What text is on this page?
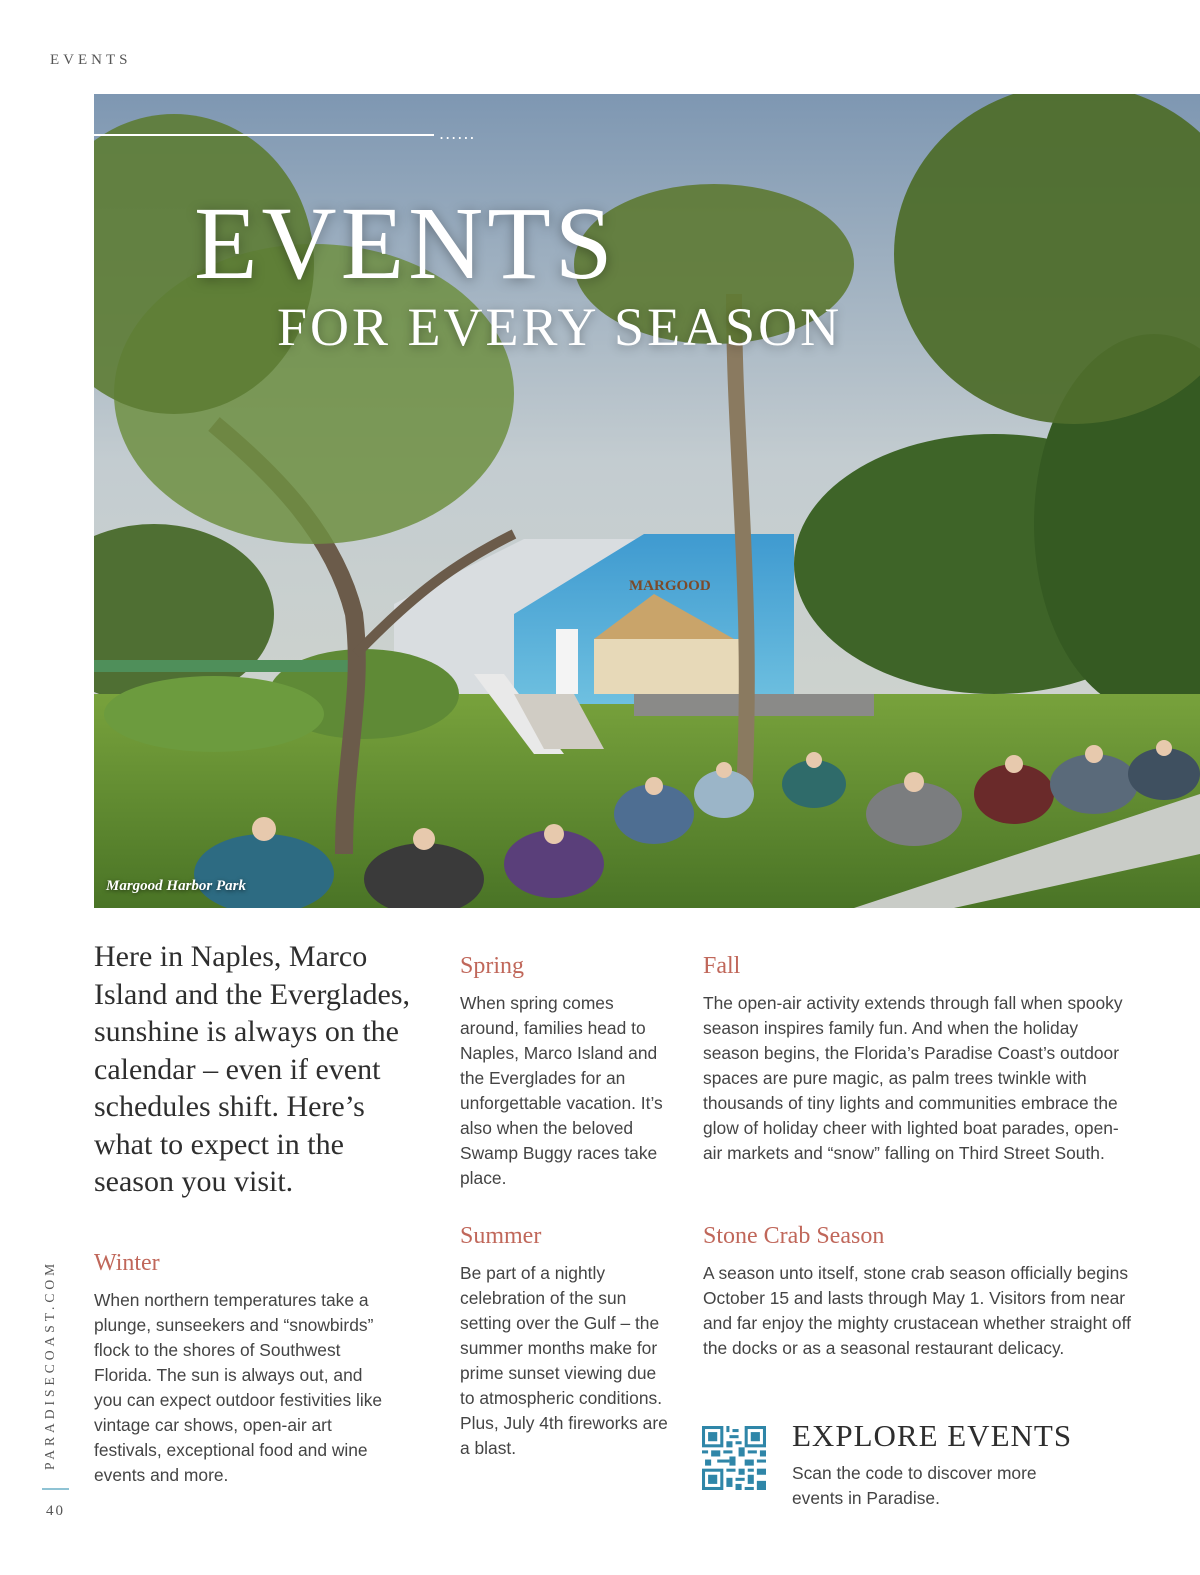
EVENTS
MARGOOD
......
EVENTS
FOR EVERY SEASON
Margood Harbor Park
Here in Naples, Marco Island and the Everglades, sunshine is always on the calendar – even if event schedules shift. Here’s what to expect in the season you visit.
Winter

When northern temperatures take a plunge, sunseekers and “snowbirds” flock to the shores of Southwest Florida. The sun is always out, and you can expect outdoor festivities like vintage car shows, open-air art festivals, exceptional food and wine events and more.

Spring

When spring comes around, families head to Naples, Marco Island and the Everglades for an unforgettable vacation. It’s also when the beloved Swamp Buggy races take place.

Summer

Be part of a nightly celebration of the sun setting over the Gulf – the summer months make for prime sunset viewing due to atmospheric conditions. Plus, July 4th fireworks are a blast.

Fall

The open-air activity extends through fall when spooky season inspires family fun. And when the holiday season begins, the Florida’s Paradise Coast’s outdoor spaces are pure magic, as palm trees twinkle with thousands of tiny lights and communities embrace the glow of holiday cheer with lighted boat parades, open-air markets and “snow” falling on Third Street South.

Stone Crab Season

A season unto itself, stone crab season officially begins October 15 and lasts through May 1. Visitors from near and far enjoy the mighty crustacean whether straight off the docks or as a seasonal restaurant delicacy.

EXPLORE EVENTS
Scan the code to discover more events in Paradise.
PARADISECOAST.COM
40
